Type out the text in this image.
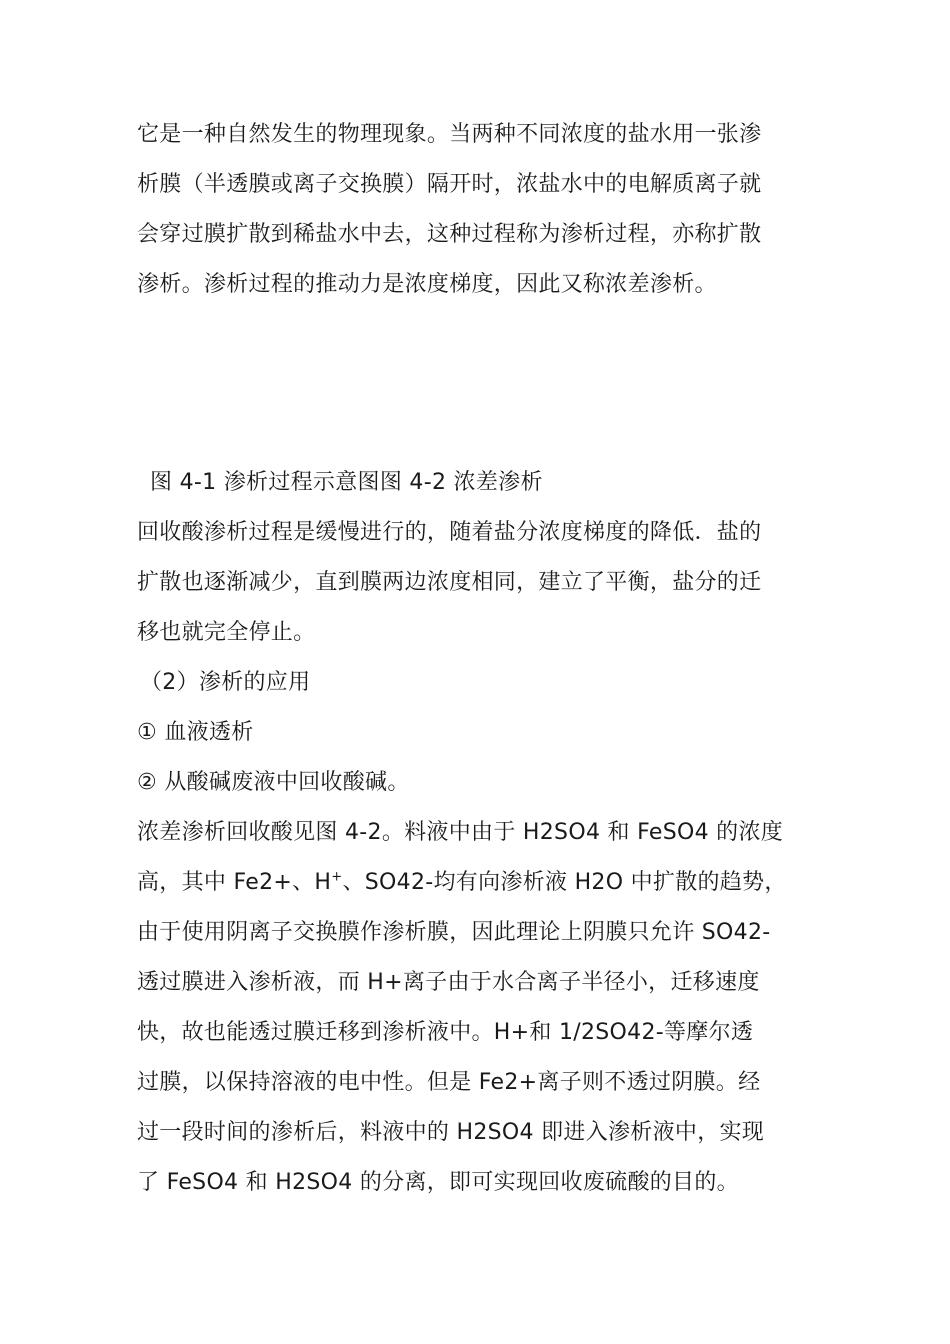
它是一种自然发生的物理现象。当两种不同浓度的盐水用一张渗
析膜（半透膜或离子交换膜）隔开时，浓盐水中的电解质离子就
会穿过膜扩散到稀盐水中去，这种过程称为渗析过程，亦称扩散
渗析。渗析过程的推动力是浓度梯度，因此又称浓差渗析。
图 4-1 渗析过程示意图图 4-2 浓差渗析
回收酸渗析过程是缓慢进行的，随着盐分浓度梯度的降低．盐的
扩散也逐渐减少，直到膜两边浓度相同，建立了平衡，盐分的迁
移也就完全停止。
（2）渗析的应用
① 血液透析
② 从酸碱废液中回收酸碱。
浓差渗析回收酸见图 4-2。料液中由于 H2SO4 和 FeSO4 的浓度
高，其中 Fe2+、H+、SO42-均有向渗析液 H2O 中扩散的趋势，
由于使用阴离子交换膜作渗析膜，因此理论上阴膜只允许 SO42-
透过膜进入渗析液，而 H+离子由于水合离子半径小，迁移速度
快，故也能透过膜迁移到渗析液中。H+和 1/2SO42-等摩尔透
过膜，以保持溶液的电中性。但是 Fe2+离子则不透过阴膜。经
过一段时间的渗析后，料液中的 H2SO4 即进入渗析液中，实现
了 FeSO4 和 H2SO4 的分离，即可实现回收废硫酸的目的。
